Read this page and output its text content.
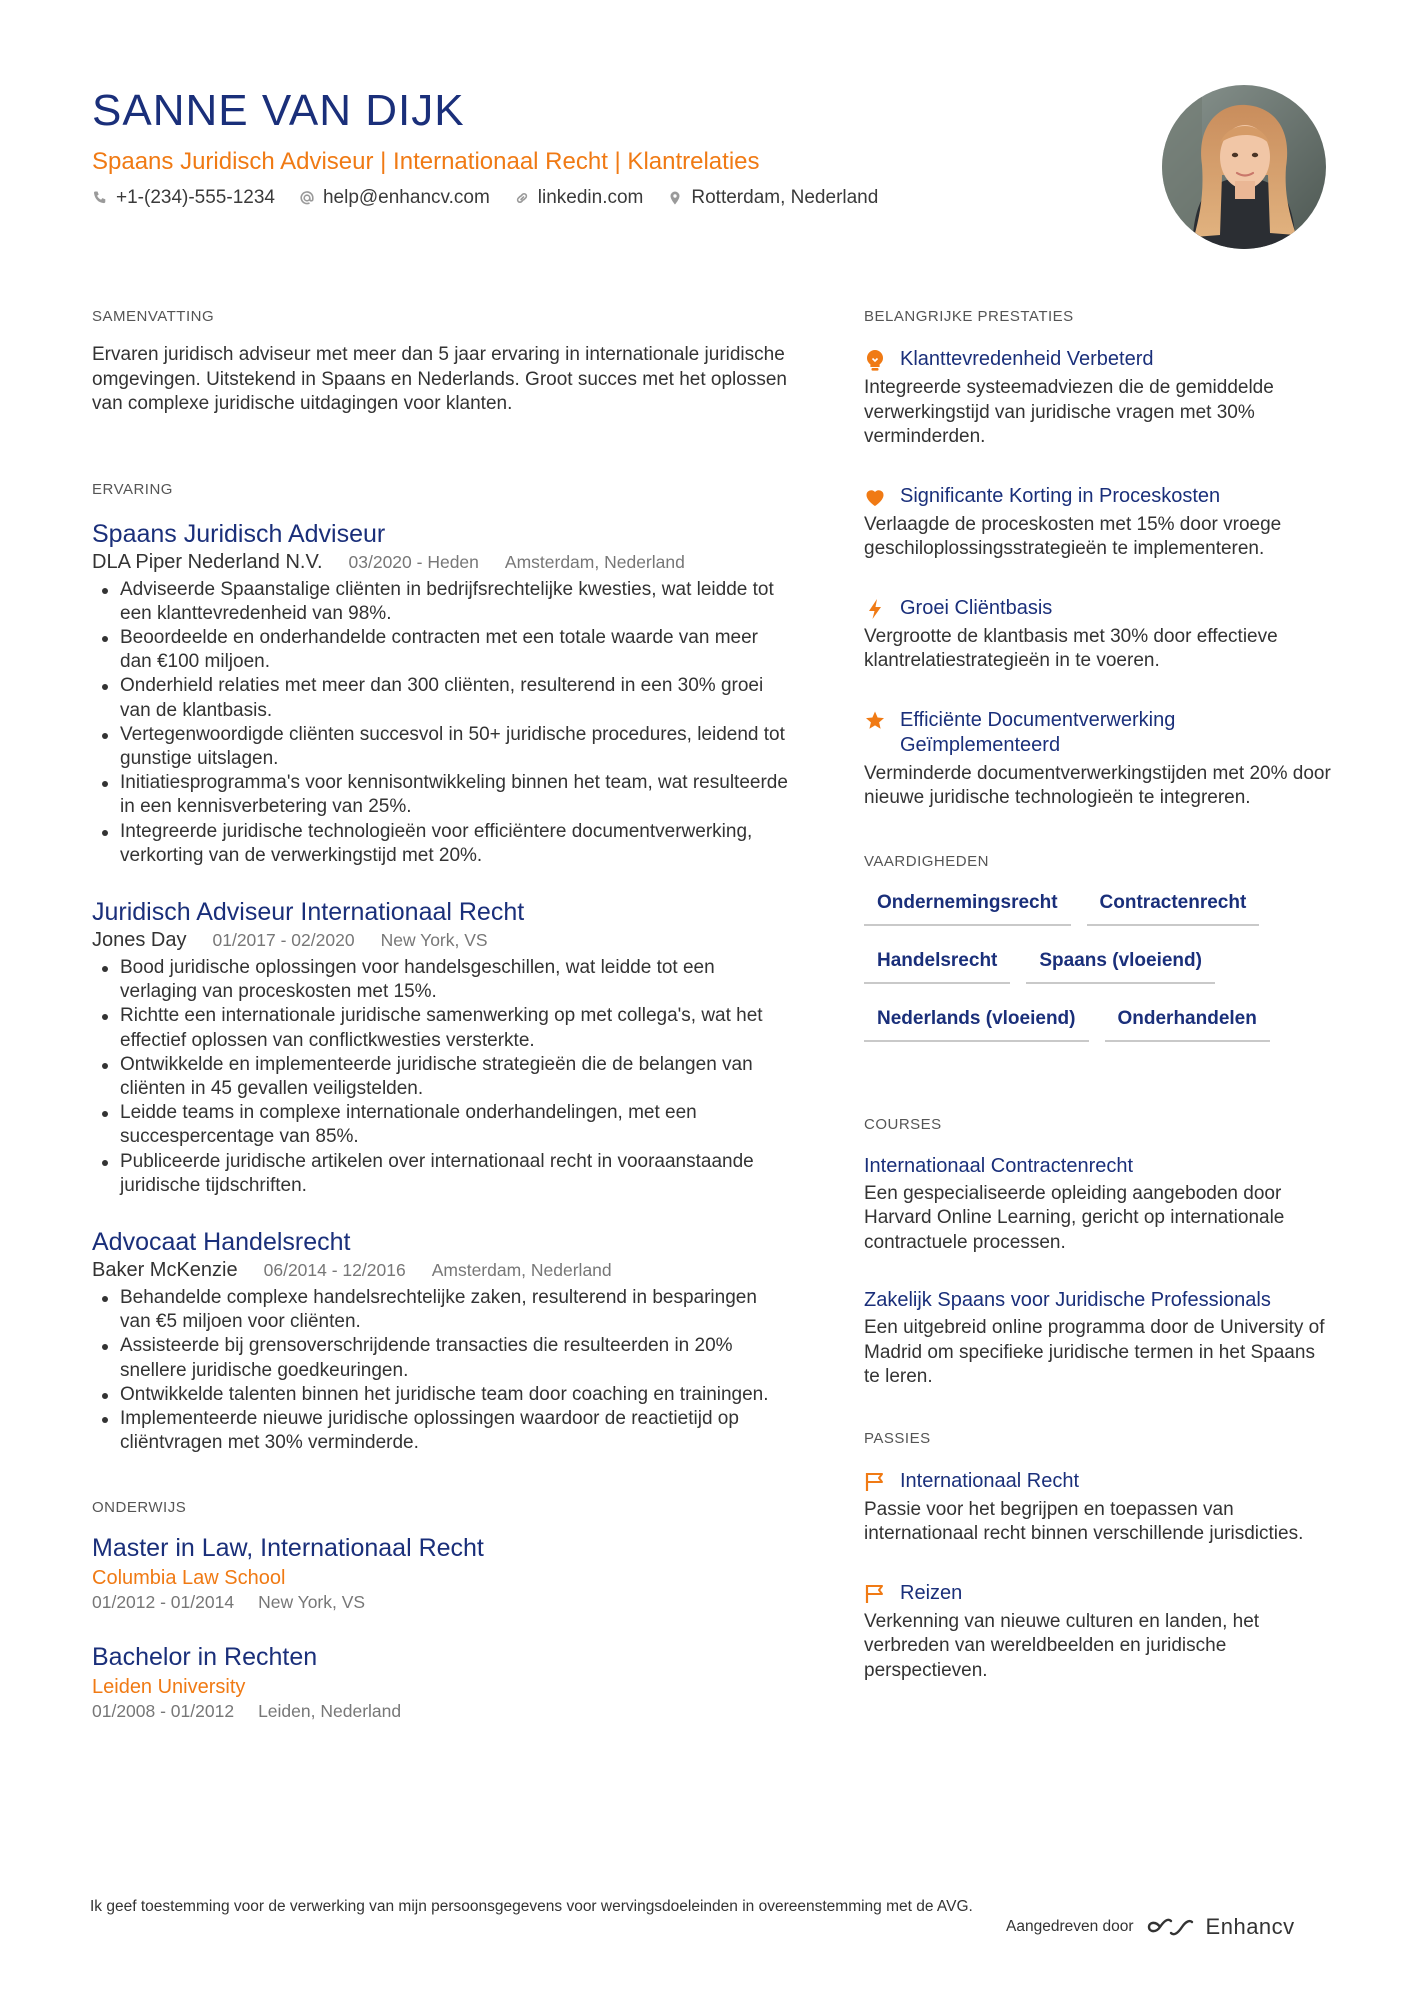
SANNE VAN DIJK
Spaans Juridisch Adviseur | Internationaal Recht | Klantrelaties
+1-(234)-555-1234	help@enhancv.com	linkedin.com	Rotterdam, Nederland
SAMENVATTING
Ervaren juridisch adviseur met meer dan 5 jaar ervaring in internationale juridische omgevingen. Uitstekend in Spaans en Nederlands. Groot succes met het oplossen van complexe juridische uitdagingen voor klanten.
ERVARING
Spaans Juridisch Adviseur
DLA Piper Nederland N.V. 03/2020 - Heden Amsterdam, Nederland
Adviseerde Spaanstalige cliënten in bedrijfsrechtelijke kwesties, wat leidde tot een klanttevredenheid van 98%.
Beoordeelde en onderhandelde contracten met een totale waarde van meer dan €100 miljoen.
Onderhield relaties met meer dan 300 cliënten, resulterend in een 30% groei van de klantbasis.
Vertegenwoordigde cliënten succesvol in 50+ juridische procedures, leidend tot gunstige uitslagen.
Initiatiesprogramma's voor kennisontwikkeling binnen het team, wat resulteerde in een kennisverbetering van 25%.
Integreerde juridische technologieën voor efficiëntere documentverwerking, verkorting van de verwerkingstijd met 20%.
Juridisch Adviseur Internationaal Recht
Jones Day 01/2017 - 02/2020 New York, VS
Bood juridische oplossingen voor handelsgeschillen, wat leidde tot een verlaging van proceskosten met 15%.
Richtte een internationale juridische samenwerking op met collega's, wat het effectief oplossen van conflictkwesties versterkte.
Ontwikkelde en implementeerde juridische strategieën die de belangen van cliënten in 45 gevallen veiligstelden.
Leidde teams in complexe internationale onderhandelingen, met een succespercentage van 85%.
Publiceerde juridische artikelen over internationaal recht in vooraanstaande juridische tijdschriften.
Advocaat Handelsrecht
Baker McKenzie 06/2014 - 12/2016 Amsterdam, Nederland
Behandelde complexe handelsrechtelijke zaken, resulterend in besparingen van €5 miljoen voor cliënten.
Assisteerde bij grensoverschrijdende transacties die resulteerden in 20% snellere juridische goedkeuringen.
Ontwikkelde talenten binnen het juridische team door coaching en trainingen.
Implementeerde nieuwe juridische oplossingen waardoor de reactietijd op cliëntvragen met 30% verminderde.
ONDERWIJS
Master in Law, Internationaal Recht
Columbia Law School
01/2012 - 01/2014 New York, VS
Bachelor in Rechten
Leiden University
01/2008 - 01/2012 Leiden, Nederland
BELANGRIJKE PRESTATIES
Klanttevredenheid Verbeterd
Integreerde systeemadviezen die de gemiddelde verwerkingstijd van juridische vragen met 30% verminderden.
Significante Korting in Proceskosten
Verlaagde de proceskosten met 15% door vroege geschiloplossingsstrategieën te implementeren.
Groei Cliëntbasis
Vergrootte de klantbasis met 30% door effectieve klantrelatiestrategieën in te voeren.
Efficiënte Documentverwerking Geïmplementeerd
Verminderde documentverwerkingstijden met 20% door nieuwe juridische technologieën te integreren.
VAARDIGHEDEN
Ondernemingsrecht	Contractenrecht
Handelsrecht	Spaans (vloeiend)
Nederlands (vloeiend)	Onderhandelen
COURSES
Internationaal Contractenrecht
Een gespecialiseerde opleiding aangeboden door Harvard Online Learning, gericht op internationale contractuele processen.
Zakelijk Spaans voor Juridische Professionals
Een uitgebreid online programma door de University of Madrid om specifieke juridische termen in het Spaans te leren.
PASSIES
Internationaal Recht
Passie voor het begrijpen en toepassen van internationaal recht binnen verschillende jurisdicties.
Reizen
Verkenning van nieuwe culturen en landen, het verbreden van wereldbeelden en juridische perspectieven.
Ik geef toestemming voor de verwerking van mijn persoonsgegevens voor wervingsdoeleinden in overeenstemming met de AVG.
Aangedreven door	Enhancv
